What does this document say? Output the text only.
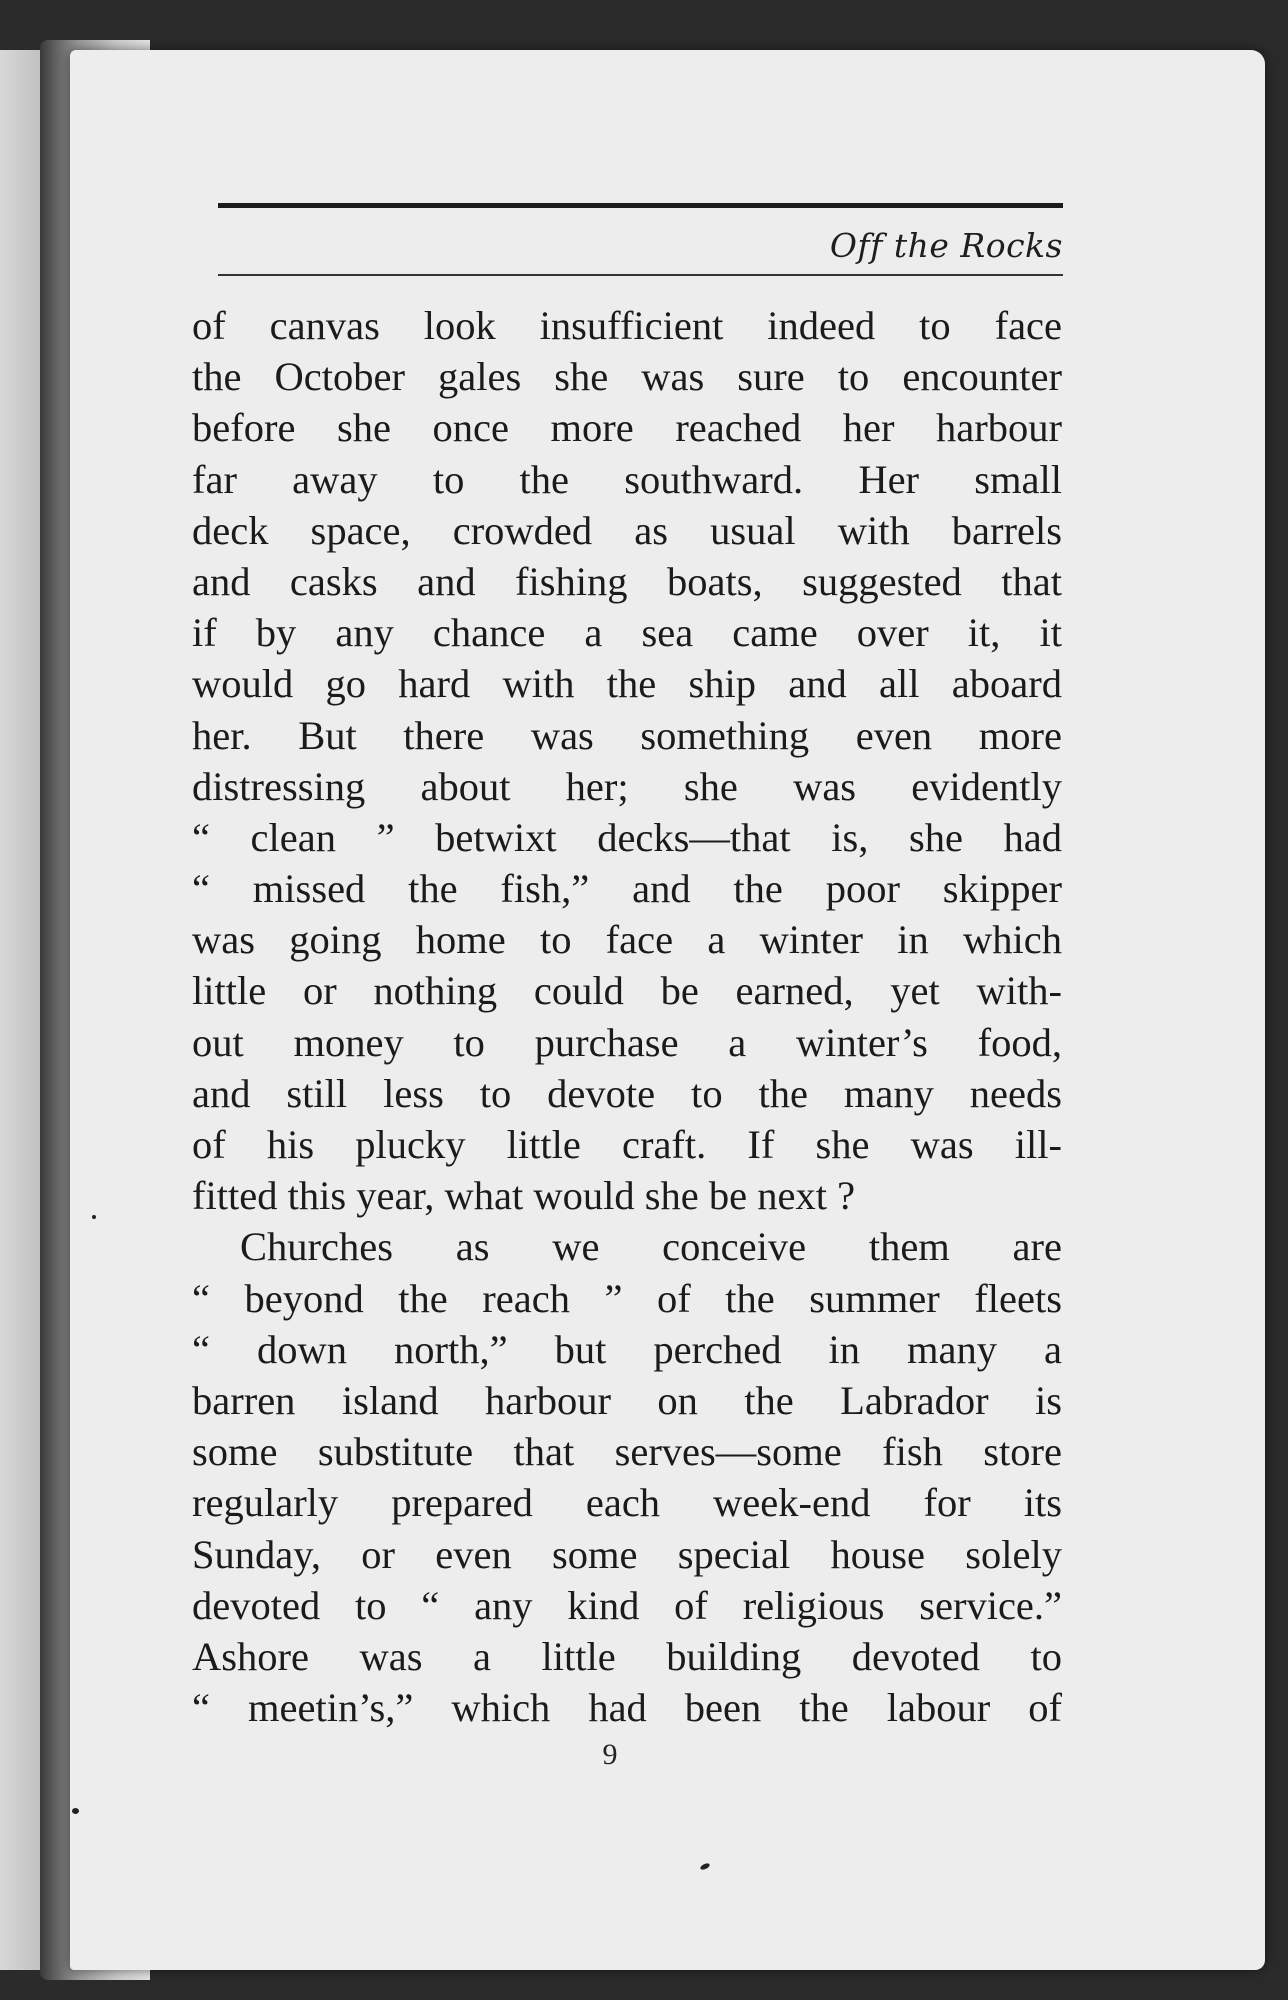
Off the Rocks
of canvas look insufficient indeed to face
the October gales she was sure to encounter
before she once more reached her harbour
far away to the southward. Her small
deck space, crowded as usual with barrels
and casks and fishing boats, suggested that
if by any chance a sea came over it, it
would go hard with the ship and all aboard
her. But there was something even more
distressing about her; she was evidently
“ clean ” betwixt decks—that is, she had
“ missed the fish,” and the poor skipper
was going home to face a winter in which
little or nothing could be earned, yet with-
out money to purchase a winter’s food,
and still less to devote to the many needs
of his plucky little craft. If she was ill-
fitted this year, what would she be next ?
Churches as we conceive them are
“ beyond the reach ” of the summer fleets
“ down north,” but perched in many a
barren island harbour on the Labrador is
some substitute that serves—some fish store
regularly prepared each week-end for its
Sunday, or even some special house solely
devoted to “ any kind of religious service.”
Ashore was a little building devoted to
“ meetin’s,” which had been the labour of
9
